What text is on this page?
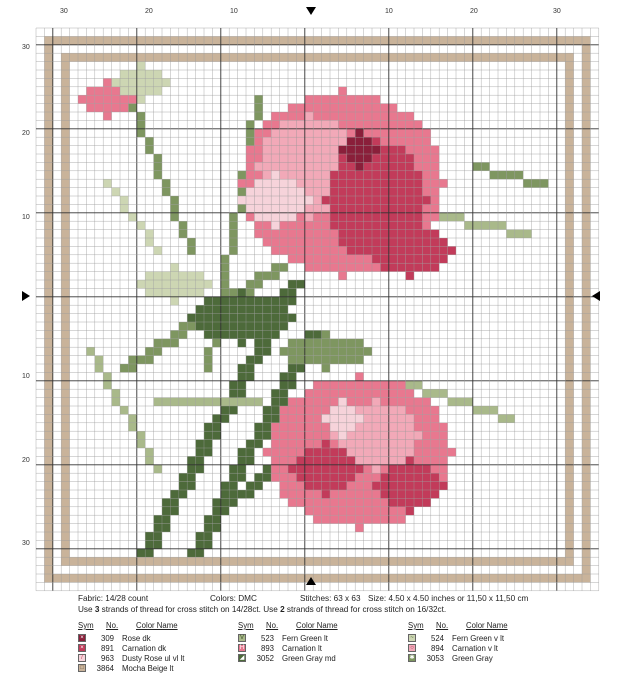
30	20	10	10	20	30
30
20
10
10
20
30
Fabric: 14/28 count	Colors: DMC	Stitches: 63 x 63 Size: 4.50 x 4.50 inches or 11,50 x 11,50 cm
Use 3 strands of thread for cross stitch on 14/28ct. Use 2 strands of thread for cross stitch on 16/32ct.
Sym	No.	Color Name
×	309 Rose dk
×	891 Carnation dk
/	963 Dusty Rose ul vl lt
□	3864 Mocha Beige lt
Sym	No.	Color Name
V	523 Fern Green lt
H	893 Carnation lt
◢	3052 Green Gray md
Sym	No.	Color Name
~	524 Fern Green v lt
○	894 Carnation v lt
✱	3053 Green Gray
